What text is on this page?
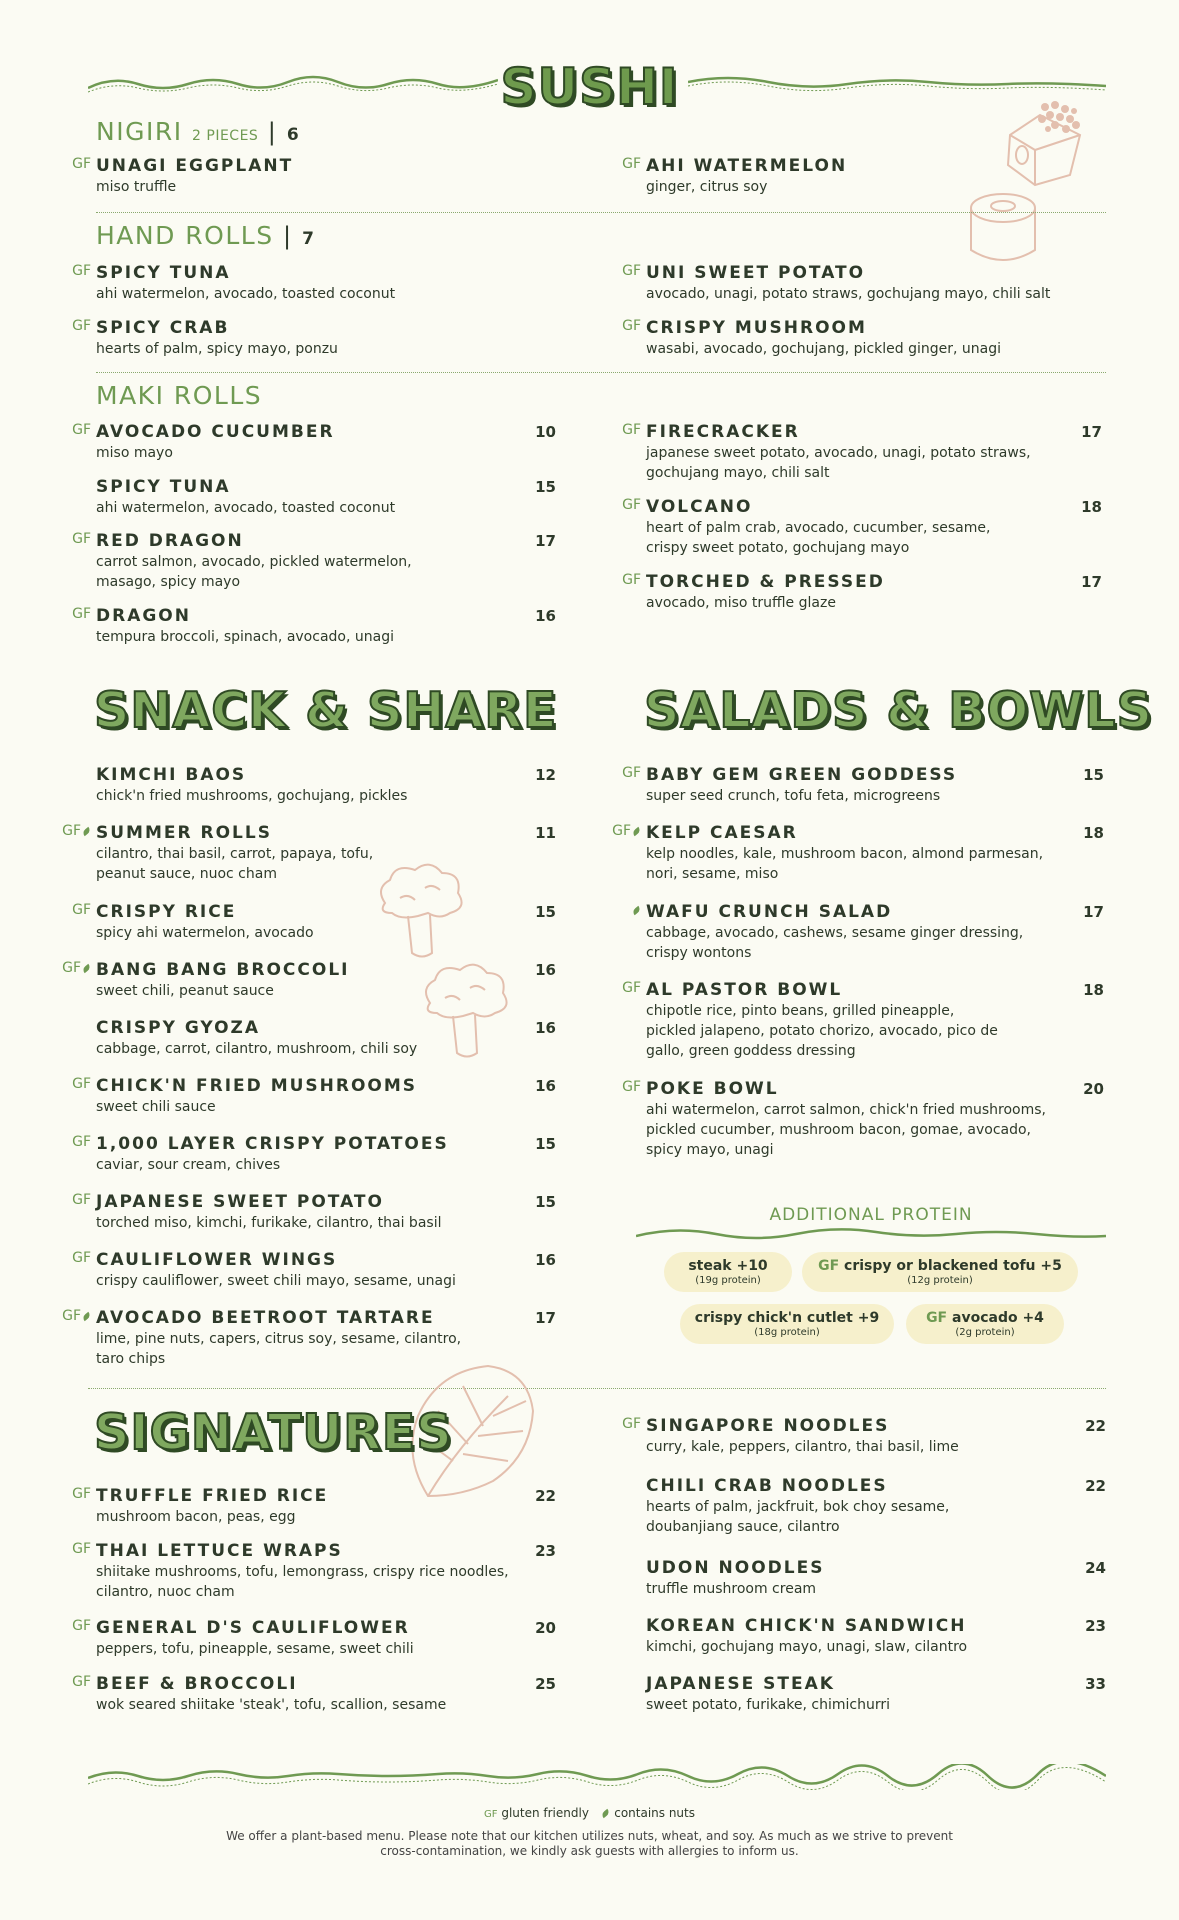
SUSHI
NIGIRI 2 PIECES | 6
GF UNAGI EGGPLANT
miso truffle
GF AHI WATERMELON
ginger, citrus soy
HAND ROLLS | 7
GF SPICY TUNA
ahi watermelon, avocado, toasted coconut
GF UNI SWEET POTATO
avocado, unagi, potato straws, gochujang mayo, chili salt
GF SPICY CRAB
hearts of palm, spicy mayo, ponzu
GF CRISPY MUSHROOM
wasabi, avocado, gochujang, pickled ginger, unagi
MAKI ROLLS
GF AVOCADO CUCUMBER
miso mayo
10
SPICY TUNA
ahi watermelon, avocado, toasted coconut
15
GF RED DRAGON
carrot salmon, avocado, pickled watermelon, masago, spicy mayo
17
GF DRAGON
tempura broccoli, spinach, avocado, unagi
16
GF FIRECRACKER
japanese sweet potato, avocado, unagi, potato straws, gochujang mayo, chili salt
17
GF VOLCANO
heart of palm crab, avocado, cucumber, sesame, crispy sweet potato, gochujang mayo
18
GF TORCHED & PRESSED
avocado, miso truffle glaze
17
SNACK & SHARE
KIMCHI BAOS
chick'n fried mushrooms, gochujang, pickles
12
GF SUMMER ROLLS
cilantro, thai basil, carrot, papaya, tofu, peanut sauce, nuoc cham
11
GF CRISPY RICE
spicy ahi watermelon, avocado
15
GF BANG BANG BROCCOLI
sweet chili, peanut sauce
16
CRISPY GYOZA
cabbage, carrot, cilantro, mushroom, chili soy
16
GF CHICK'N FRIED MUSHROOMS
sweet chili sauce
16
GF 1,000 LAYER CRISPY POTATOES
caviar, sour cream, chives
15
GF JAPANESE SWEET POTATO
torched miso, kimchi, furikake, cilantro, thai basil
15
GF CAULIFLOWER WINGS
crispy cauliflower, sweet chili mayo, sesame, unagi
16
GF AVOCADO BEETROOT TARTARE
lime, pine nuts, capers, citrus soy, sesame, cilantro, taro chips
17
SALADS & BOWLS
GF BABY GEM GREEN GODDESS
super seed crunch, tofu feta, microgreens
15
GF KELP CAESAR
kelp noodles, kale, mushroom bacon, almond parmesan, nori, sesame, miso
18
WAFU CRUNCH SALAD
cabbage, avocado, cashews, sesame ginger dressing, crispy wontons
17
GF AL PASTOR BOWL
chipotle rice, pinto beans, grilled pineapple, pickled jalapeno, potato chorizo, avocado, pico de gallo, green goddess dressing
18
GF POKE BOWL
ahi watermelon, carrot salmon, chick'n fried mushrooms, pickled cucumber, mushroom bacon, gomae, avocado, spicy mayo, unagi
20
ADDITIONAL PROTEIN
steak +10
(19g protein)
GF crispy or blackened tofu +5
(12g protein)
crispy chick'n cutlet +9
(18g protein)
GF avocado +4
(2g protein)
SIGNATURES
GF TRUFFLE FRIED RICE
mushroom bacon, peas, egg
22
GF THAI LETTUCE WRAPS
shiitake mushrooms, tofu, lemongrass, crispy rice noodles, cilantro, nuoc cham
23
GF GENERAL D'S CAULIFLOWER
peppers, tofu, pineapple, sesame, sweet chili
20
GF BEEF & BROCCOLI
wok seared shiitake 'steak', tofu, scallion, sesame
25
GF SINGAPORE NOODLES
curry, kale, peppers, cilantro, thai basil, lime
22
CHILI CRAB NOODLES
hearts of palm, jackfruit, bok choy sesame, doubanjiang sauce, cilantro
22
UDON NOODLES
truffle mushroom cream
24
KOREAN CHICK'N SANDWICH
kimchi, gochujang mayo, unagi, slaw, cilantro
23
JAPANESE STEAK
sweet potato, furikake, chimichurri
33
GF gluten friendly contains nuts
We offer a plant-based menu. Please note that our kitchen utilizes nuts, wheat, and soy. As much as we strive to prevent cross-contamination, we kindly ask guests with allergies to inform us.
